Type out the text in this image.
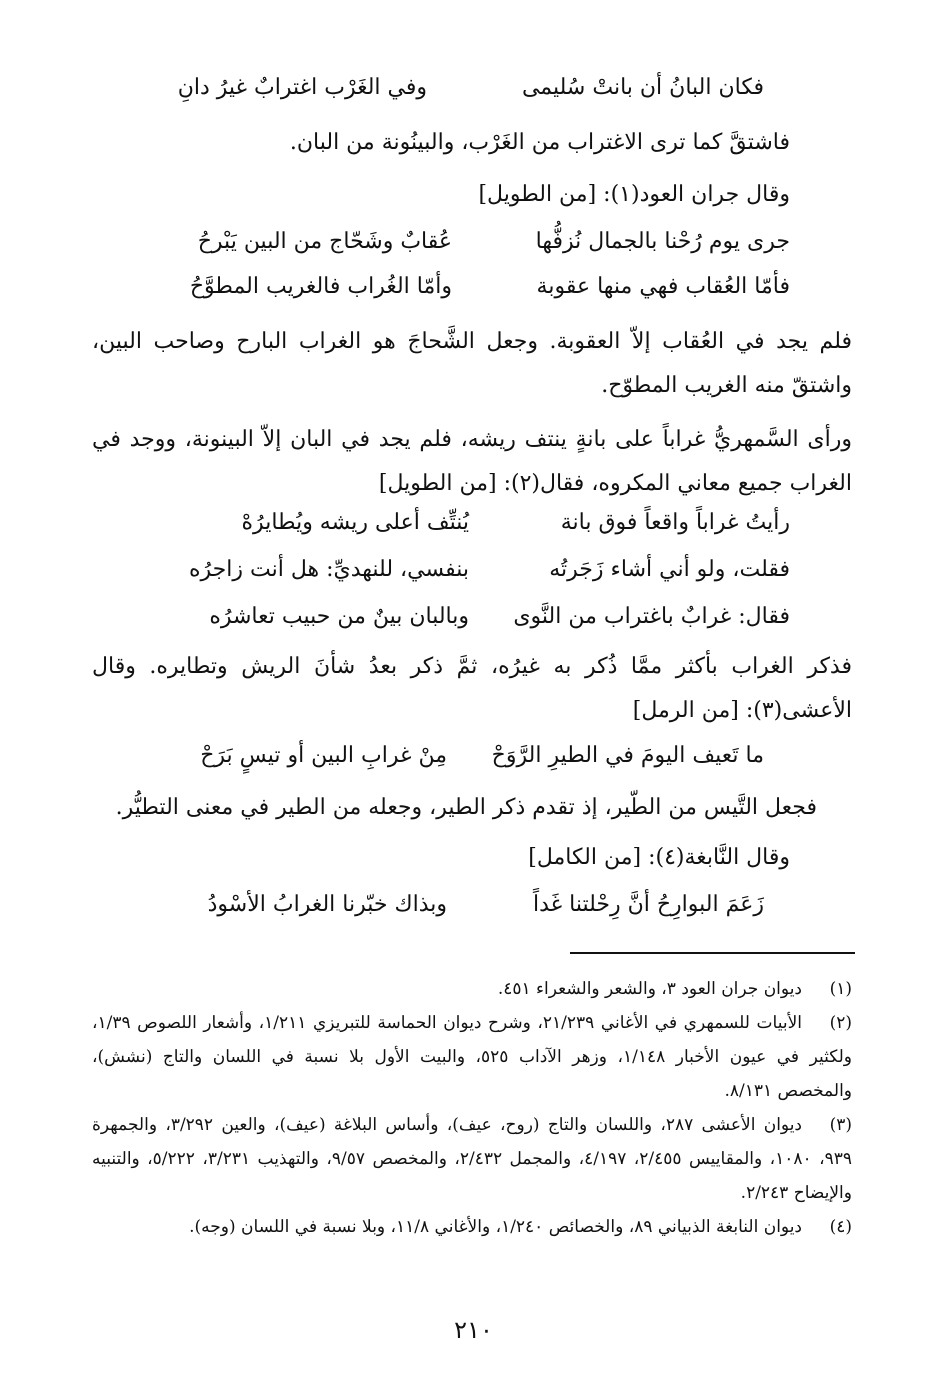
فكان البانُ أن بانتْ سُليمى
وفي الغَرْب اغترابٌ غيرُ دانِ
فاشتقَّ كما ترى الاغتراب من الغَرْب، والبينُونة من البان.
وقال جران العود(١): [من الطويل]
جرى يوم رُحْنا بالجمال نُزفُّها
عُقابٌ وشَحّاج من البين يَبْرحُ
فأمّا العُقاب فهي منها عقوبة
وأمّا الغُراب فالغريب المطوَّحُ
فلم يجد في العُقاب إلاّ العقوبة. وجعل الشَّحاجَ هو الغراب البارح وصاحب البين، واشتقّ منه الغريب المطوّح.
ورأى السَّمهريُّ غراباً على بانةٍ ينتف ريشه، فلم يجد في البان إلاّ البينونة، ووجد في الغراب جميع معاني المكروه، فقال(٢): [من الطويل]
رأيتُ غراباً واقعاً فوق بانة
يُنتِّف أعلى ريشه ويُطايرُهْ
فقلت، ولو أني أشاء زَجَرتُه
بنفسي، للنهديِّ: هل أنت زاجرُه
فقال: غرابٌ باغتراب من النَّوى
وبالبان بينٌ من حبيب تعاشرُه
فذكر الغراب بأكثر ممَّا ذُكر به غيرُه، ثمَّ ذكر بعدُ شأنَ الريش وتطايره. وقال الأعشى(٣): [من الرمل]
ما تَعيف اليومَ في الطيرِ الرَّوَحْ
مِنْ غرابِ البين أو تيسٍ بَرَحْ
فجعل التَّيس من الطّير، إذ تقدم ذكر الطير، وجعله من الطير في معنى التطيُّر.
وقال النَّابغة(٤): [من الكامل]
زَعَمَ البوارِحُ أنَّ رِحْلتنا غَداً
وبذاك خبّرنا الغرابُ الأسْودُ
(١)ديوان جران العود ٣، والشعر والشعراء ٤٥١.
(٢)الأبيات للسمهري في الأغاني ٢١/٢٣٩، وشرح ديوان الحماسة للتبريزي ١/٢١١، وأشعار اللصوص ١/٣٩، ولكثير في عيون الأخبار ١/١٤٨، وزهر الآداب ٥٢٥، والبيت الأول بلا نسبة في اللسان والتاج (نشش)، والمخصص ٨/١٣١.
(٣)ديوان الأعشى ٢٨٧، واللسان والتاج (روح، عيف)، وأساس البلاغة (عيف)، والعين ٣/٢٩٢، والجمهرة ٩٣٩، ١٠٨٠، والمقاييس ٢/٤٥٥، ٤/١٩٧، والمجمل ٢/٤٣٢، والمخصص ٩/٥٧، والتهذيب ٣/٢٣١، ٥/٢٢٢، والتنبيه والإيضاح ٢/٢٤٣.
(٤)ديوان النابغة الذبياني ٨٩، والخصائص ١/٢٤٠، والأغاني ١١/٨، وبلا نسبة في اللسان (وجه).
٢١٠
